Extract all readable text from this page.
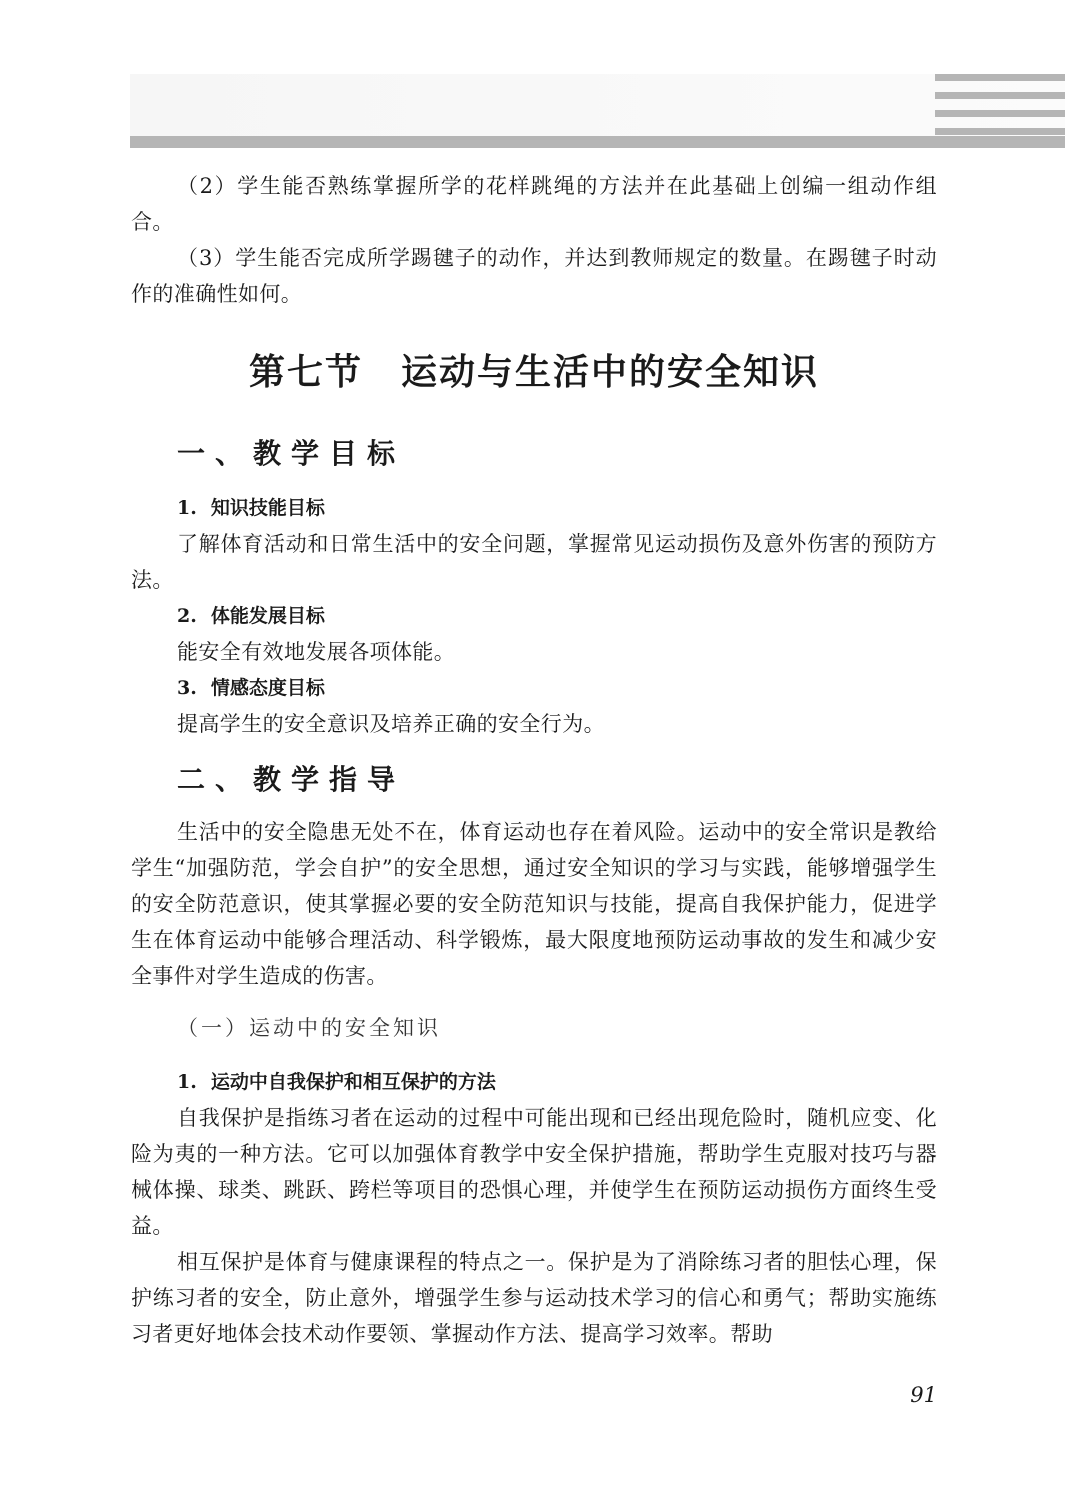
（2）学生能否熟练掌握所学的花样跳绳的方法并在此基础上创编一组动作组合。

（3）学生能否完成所学踢毽子的动作，并达到教师规定的数量。在踢毽子时动作的准确性如何。

第七节　运动与生活中的安全知识
一、教学目标
1. 知识技能目标

了解体育活动和日常生活中的安全问题，掌握常见运动损伤及意外伤害的预防方法。

2. 体能发展目标

能安全有效地发展各项体能。

3. 情感态度目标

提高学生的安全意识及培养正确的安全行为。

二、教学指导

生活中的安全隐患无处不在，体育运动也存在着风险。运动中的安全常识是教给学生“加强防范，学会自护”的安全思想，通过安全知识的学习与实践，能够增强学生的安全防范意识，使其掌握必要的安全防范知识与技能，提高自我保护能力，促进学生在体育运动中能够合理活动、科学锻炼，最大限度地预防运动事故的发生和减少安全事件对学生造成的伤害。

（一）运动中的安全知识
1. 运动中自我保护和相互保护的方法

自我保护是指练习者在运动的过程中可能出现和已经出现危险时，随机应变、化险为夷的一种方法。它可以加强体育教学中安全保护措施，帮助学生克服对技巧与器械体操、球类、跳跃、跨栏等项目的恐惧心理，并使学生在预防运动损伤方面终生受益。

相互保护是体育与健康课程的特点之一。保护是为了消除练习者的胆怯心理，保护练习者的安全，防止意外，增强学生参与运动技术学习的信心和勇气；帮助实施练习者更好地体会技术动作要领、掌握动作方法、提高学习效率。帮助

91
